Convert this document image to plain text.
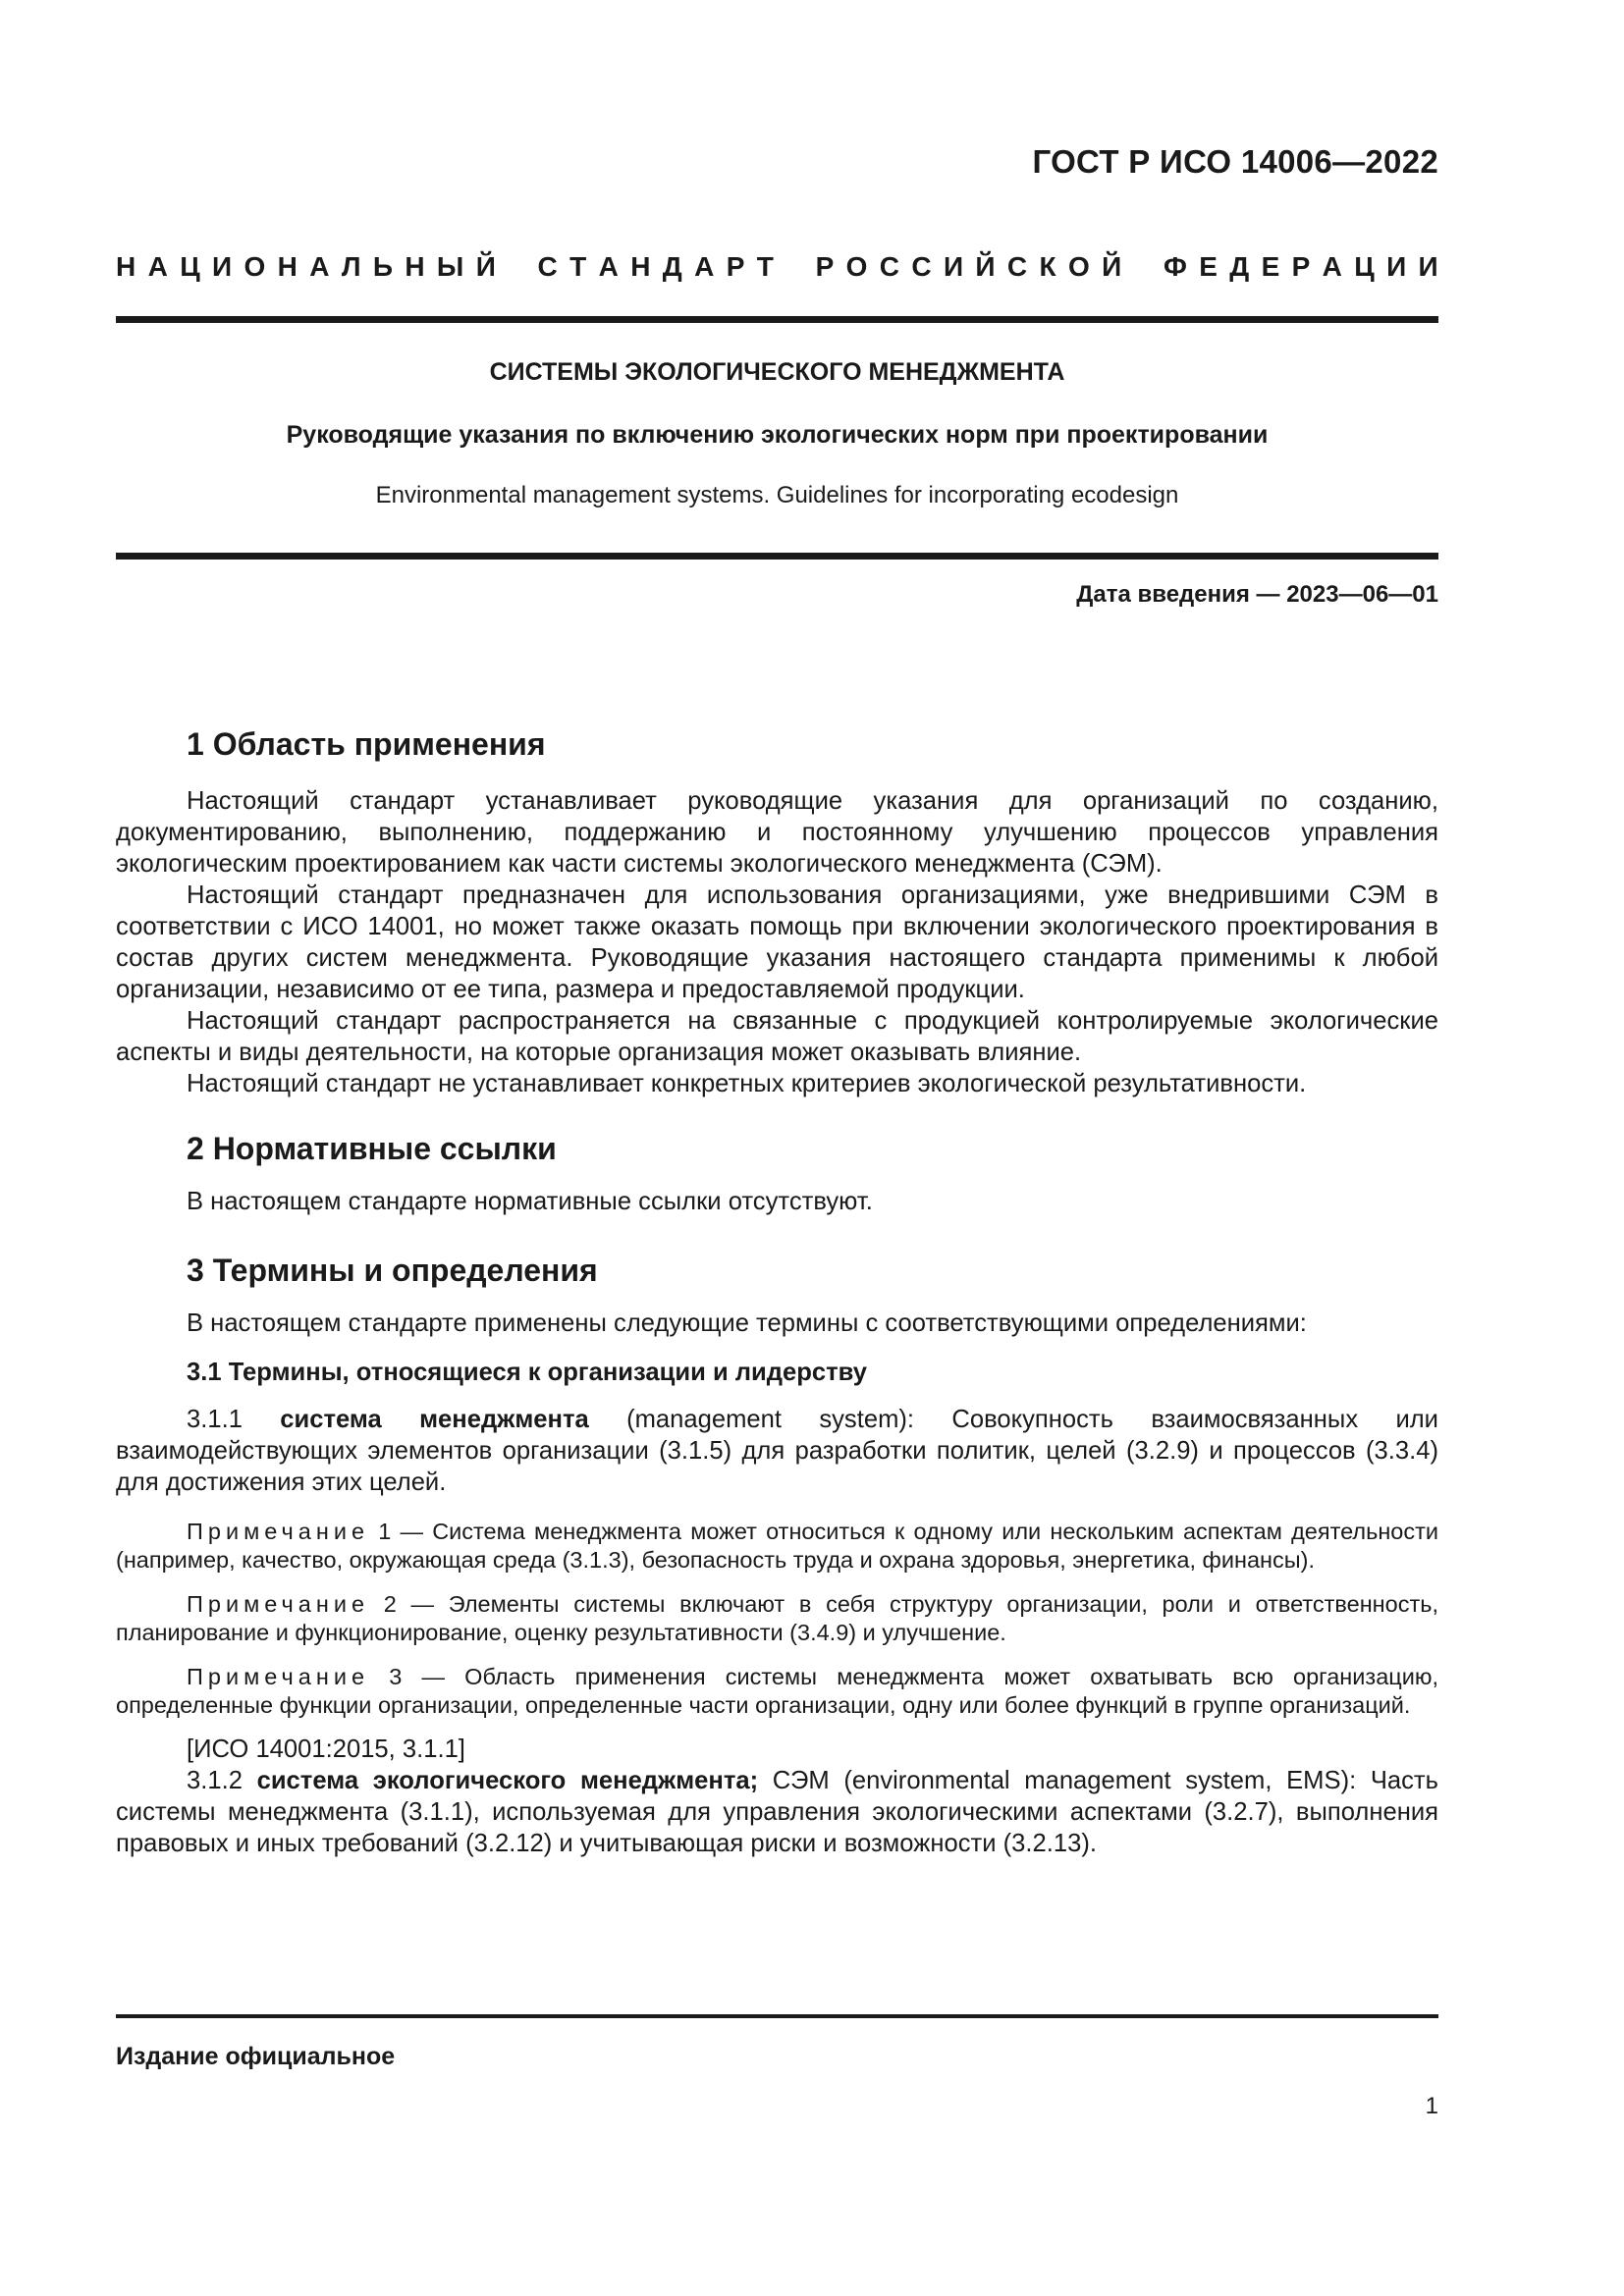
ГОСТ Р ИСО 14006—2022
Н А Ц И О Н А Л Ь Н Ы Й
С Т А Н Д А Р Т
Р О С С И Й С К О Й
Ф Е Д Е Р А Ц И И
СИСТЕМЫ ЭКОЛОГИЧЕСКОГО МЕНЕДЖМЕНТА
Руководящие указания по включению экологических норм при проектировании
Environmental management systems. Guidelines for incorporating ecodesign
Дата введения — 2023—06—01
1 Область применения

Настоящий стандарт устанавливает руководящие указания для организаций по созданию, документированию, выполнению, поддержанию и постоянному улучшению процессов управления экологическим проектированием как части системы экологического менеджмента (СЭМ).

Настоящий стандарт предназначен для использования организациями, уже внедрившими СЭМ в соответствии с ИСО 14001, но может также оказать помощь при включении экологического проектирования в состав других систем менеджмента. Руководящие указания настоящего стандарта применимы к любой организации, независимо от ее типа, размера и предоставляемой продукции.

Настоящий стандарт распространяется на связанные с продукцией контролируемые экологические аспекты и виды деятельности, на которые организация может оказывать влияние.

Настоящий стандарт не устанавливает конкретных критериев экологической результативности.

2 Нормативные ссылки

В настоящем стандарте нормативные ссылки отсутствуют.

3 Термины и определения

В настоящем стандарте применены следующие термины с соответствующими определениями:

3.1 Термины, относящиеся к организации и лидерству

3.1.1 система менеджмента (management system): Совокупность взаимосвязанных или взаимодействующих элементов организации (3.1.5) для разработки политик, целей (3.2.9) и процессов (3.3.4) для достижения этих целей.

Примечание 1 — Система менеджмента может относиться к одному или нескольким аспектам деятельности (например, качество, окружающая среда (3.1.3), безопасность труда и охрана здоровья, энергетика, финансы).

Примечание 2 — Элементы системы включают в себя структуру организации, роли и ответственность, планирование и функционирование, оценку результативности (3.4.9) и улучшение.

Примечание 3 — Область применения системы менеджмента может охватывать всю организацию, определенные функции организации, определенные части организации, одну или более функций в группе организаций.

[ИСО 14001:2015, 3.1.1]

3.1.2 система экологического менеджмента; СЭМ (environmental management system, EMS): Часть системы менеджмента (3.1.1), используемая для управления экологическими аспектами (3.2.7), выполнения правовых и иных требований (3.2.12) и учитывающая риски и возможности (3.2.13).

Издание официальное
1
